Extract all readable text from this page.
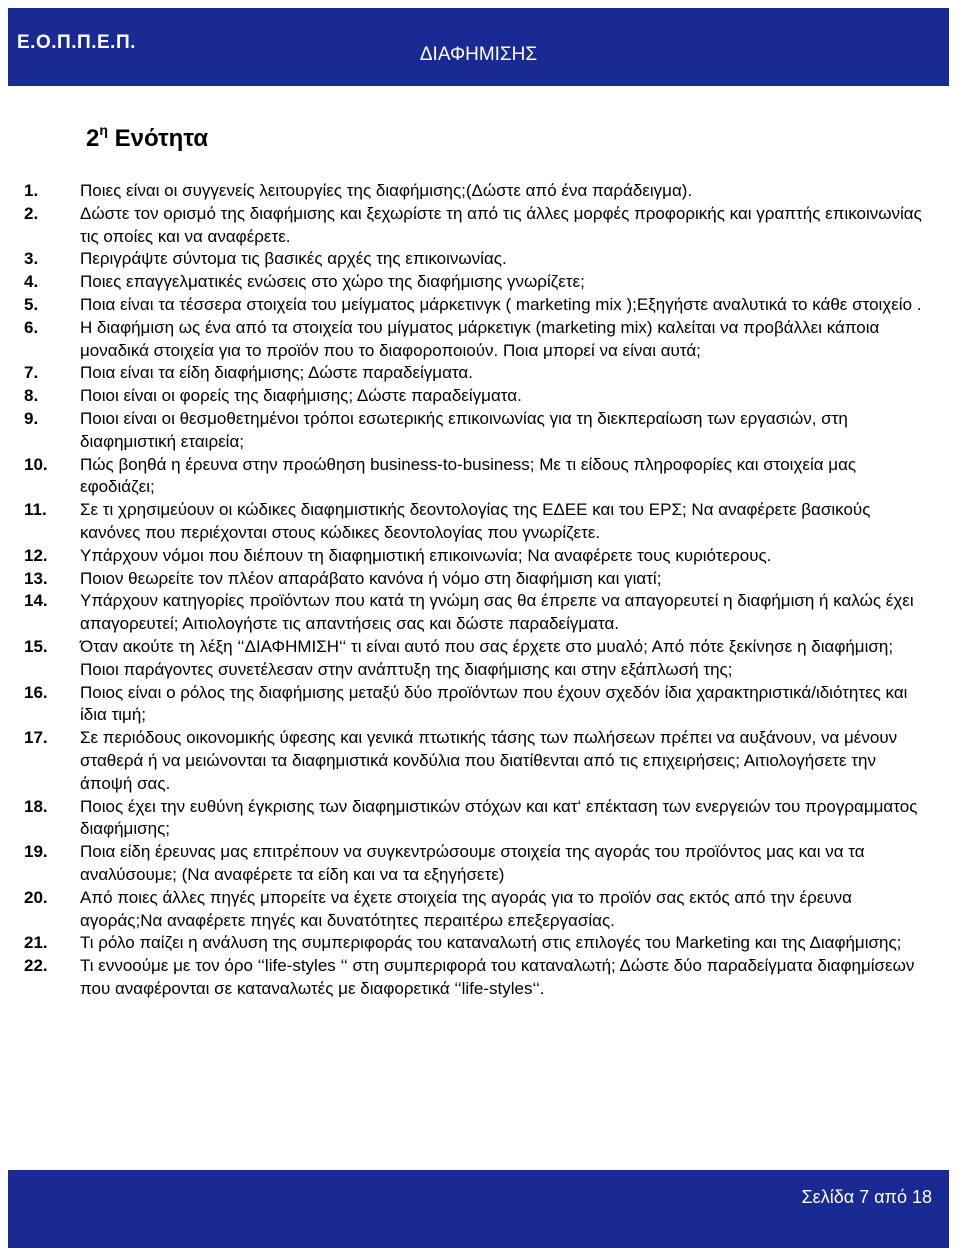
Ε.Ο.Π.Π.Ε.Π.
ΔΙΑΦΗΜΙΣΗΣ
$2^\eta$ Ενότητα
1.	Ποιες είναι οι συγγενείς λειτουργίες της διαφήμισης;(Δώστε από ένα παράδειγμα).
2.	Δώστε τον ορισμό της διαφήμισης και ξεχωρίστε τη από τις άλλες μορφές προφορικής και γραπτής επικοινωνίας τις οποίες και να αναφέρετε.
3.	Περιγράψτε σύντομα τις βασικές αρχές της επικοινωνίας.
4.	Ποιες επαγγελματικές ενώσεις στο χώρο της διαφήμισης γνωρίζετε;
5.	Ποια είναι τα τέσσερα στοιχεία του μείγματος μάρκετινγκ ( marketing mix );Εξηγήστε αναλυτικά το κάθε στοιχείο .
6.	Η διαφήμιση ως ένα από τα στοιχεία του μίγματος μάρκετιγκ (marketing mix) καλείται να προβάλλει κάποια μοναδικά στοιχεία για το προϊόν που το διαφοροποιούν. Ποια μπορεί να είναι αυτά;
7.	Ποια είναι τα είδη διαφήμισης; Δώστε παραδείγματα.
8.	Ποιοι είναι οι φορείς της διαφήμισης; Δώστε παραδείγματα.
9.	Ποιοι είναι οι θεσμοθετημένοι τρόποι εσωτερικής επικοινωνίας για τη διεκπεραίωση των εργασιών, στη διαφημιστική εταιρεία;
10.	Πώς βοηθά η έρευνα στην προώθηση business-to-business; Με τι είδους πληροφορίες και στοιχεία μας εφοδιάζει;
11.	Σε τι χρησιμεύουν οι κώδικες διαφημιστικής δεοντολογίας της ΕΔΕΕ και του ΕΡΣ; Να αναφέρετε βασικούς κανόνες που περιέχονται στους κώδικες δεοντολογίας που γνωρίζετε.
12.	Υπάρχουν νόμοι που διέπουν τη διαφημιστική επικοινωνία; Να αναφέρετε τους κυριότερους.
13.	Ποιον θεωρείτε τον πλέον απαράβατο κανόνα ή νόμο στη διαφήμιση και γιατί;
14.	Υπάρχουν κατηγορίες προϊόντων που κατά τη γνώμη σας θα έπρεπε να απαγορευτεί η διαφήμιση ή καλώς έχει απαγορευτεί; Αιτιολογήστε τις απαντήσεις σας και δώστε παραδείγματα.
15.	Όταν ακούτε τη λέξη ‘‘ΔΙΑΦΗΜΙΣΗ‘‘ τι είναι αυτό που σας έρχετε στο μυαλό; Από πότε ξεκίνησε η διαφήμιση; Ποιοι παράγοντες συνετέλεσαν στην ανάπτυξη της διαφήμισης και στην εξάπλωσή της;
16.	Ποιος είναι ο ρόλος της διαφήμισης μεταξύ δύο προϊόντων που έχουν σχεδόν ίδια χαρακτηριστικά/ιδιότητες και ίδια τιμή;
17.	Σε περιόδους οικονομικής ύφεσης και γενικά πτωτικής τάσης των πωλήσεων πρέπει να αυξάνουν, να μένουν σταθερά ή να μειώνονται τα διαφημιστικά κονδύλια που διατίθενται από τις επιχειρήσεις; Αιτιολογήσετε την άποψή σας.
18.	Ποιος έχει την ευθύνη έγκρισης των διαφημιστικών στόχων και κατ‘ επέκταση των ενεργειών του προγραμματος διαφήμισης;
19.	Ποια είδη έρευνας μας επιτρέπουν να συγκεντρώσουμε στοιχεία της αγοράς του προϊόντος μας και να τα αναλύσουμε; (Να αναφέρετε τα είδη και να τα εξηγήσετε)
20.	Από ποιες άλλες πηγές μπορείτε να έχετε στοιχεία της αγοράς για το προϊόν σας εκτός από την έρευνα αγοράς;Να αναφέρετε πηγές και δυνατότητες περαιτέρω επεξεργασίας.
21.	Τι ρόλο παίζει η ανάλυση της συμπεριφοράς του καταναλωτή στις επιλογές του Marketing και της Διαφήμισης;
22.	Τι εννοούμε με τον όρο ‘‘life-styles ‘‘ στη συμπεριφορά του καταναλωτή; Δώστε δύο παραδείγματα διαφημίσεων που αναφέρονται σε καταναλωτές με διαφορετικά ‘‘life-styles‘‘.
Σελίδα 7 από 18
